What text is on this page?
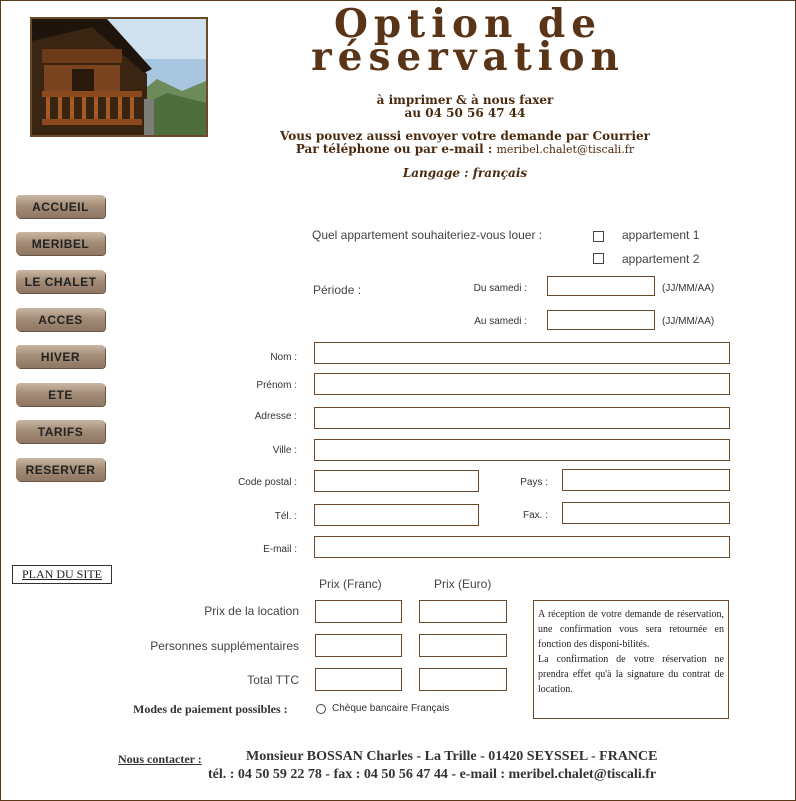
Option de
réservation
à imprimer & à nous faxer
au 04 50 56 47 44
Vous pouvez aussi envoyer votre demande par Courrier
Par téléphone ou par e-mail : meribel.chalet@tiscali.fr
Langage : français
ACCUEIL
MERIBEL
LE CHALET
ACCES
HIVER
ETE
TARIFS
RESERVER
PLAN DU SITE
Quel appartement souhaiteriez-vous louer :	appartement 1
appartement 2
Période :	Du samedi :	(JJ/MM/AA)
Au samedi :	(JJ/MM/AA)
Nom :
Prénom :
Adresse :
Ville :
Code postal :	Pays :
Tél. :	Fax. :
E-mail :
Prix (Franc)	Prix (Euro)
Prix de la location
Personnes supplémentaires
Total TTC
Modes de paiement possibles :	Chèque bancaire Français
A réception de votre demande de réservation, une confirmation vous sera retournée en fonction des disponi-bilités.
La confirmation de votre réservation ne prendra effet qu'à la signature du contrat de location.
Nous contacter :	Monsieur BOSSAN Charles - La Trille - 01420 SEYSSEL - FRANCE
tél. : 04 50 59 22 78 - fax : 04 50 56 47 44 - e-mail : meribel.chalet@tiscali.fr
